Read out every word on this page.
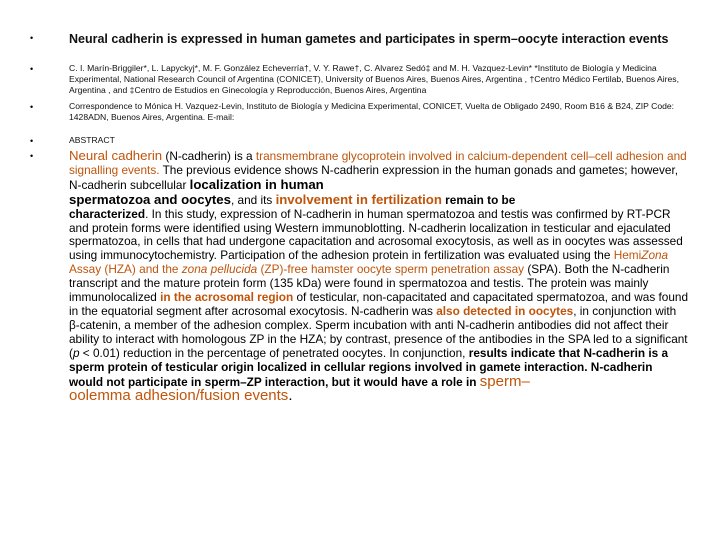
•	Neural cadherin is expressed in human gametes and participates in sperm–oocyte interaction events
•	C. I. Marín-Briggiler*, L. Lapyckyj*, M. F. González Echeverría†, V. Y. Rawe†, C. Alvarez Sedó‡ and M. H. Vazquez-Levin* *Instituto de Biología y Medicina Experimental, National Research Council of Argentina (CONICET), University of Buenos Aires, Buenos Aires, Argentina , †Centro Médico Fertilab, Buenos Aires, Argentina , and ‡Centro de Estudios en Ginecología y Reproducción, Buenos Aires, Argentina
•	Correspondence to Mónica H. Vazquez-Levin, Instituto de Biología y Medicina Experimental, CONICET, Vuelta de Obligado 2490, Room B16 & B24, ZIP Code: 1428ADN, Buenos Aires, Argentina. E-mail:
•	ABSTRACT
•	Neural cadherin (N-cadherin) is a transmembrane glycoprotein involved in calcium-dependent cell–cell adhesion and signalling events. The previous evidence shows N-cadherin expression in the human gonads and gametes; however, N-cadherin subcellular localization in human
spermatozoa and oocytes, and its involvement in fertilization remain to be
characterized. In this study, expression of N-cadherin in human spermatozoa and testis was confirmed by RT-PCR and protein forms were identified using Western immunoblotting. N-cadherin localization in testicular and ejaculated spermatozoa, in cells that had undergone capacitation and acrosomal exocytosis, as well as in oocytes was assessed using immunocytochemistry. Participation of the adhesion protein in fertilization was evaluated using the HemiZona Assay (HZA) and the zona pellucida (ZP)-free hamster oocyte sperm penetration assay (SPA). Both the N-cadherin transcript and the mature protein form (135 kDa) were found in spermatozoa and testis. The protein was mainly immunolocalized in the acrosomal region of testicular, non-capacitated and capacitated spermatozoa, and was found in the equatorial segment after acrosomal exocytosis. N-cadherin was also detected in oocytes, in conjunction with β-catenin, a member of the adhesion complex. Sperm incubation with anti N-cadherin antibodies did not affect their ability to interact with homologous ZP in the HZA; by contrast, presence of the antibodies in the SPA led to a significant (p < 0.01) reduction in the percentage of penetrated oocytes. In conjunction, results indicate that N-cadherin is a sperm protein of testicular origin localized in cellular regions involved in gamete interaction. N-cadherin
would not participate in sperm–ZP interaction, but it would have a role in sperm–
oolemma adhesion/fusion events.
